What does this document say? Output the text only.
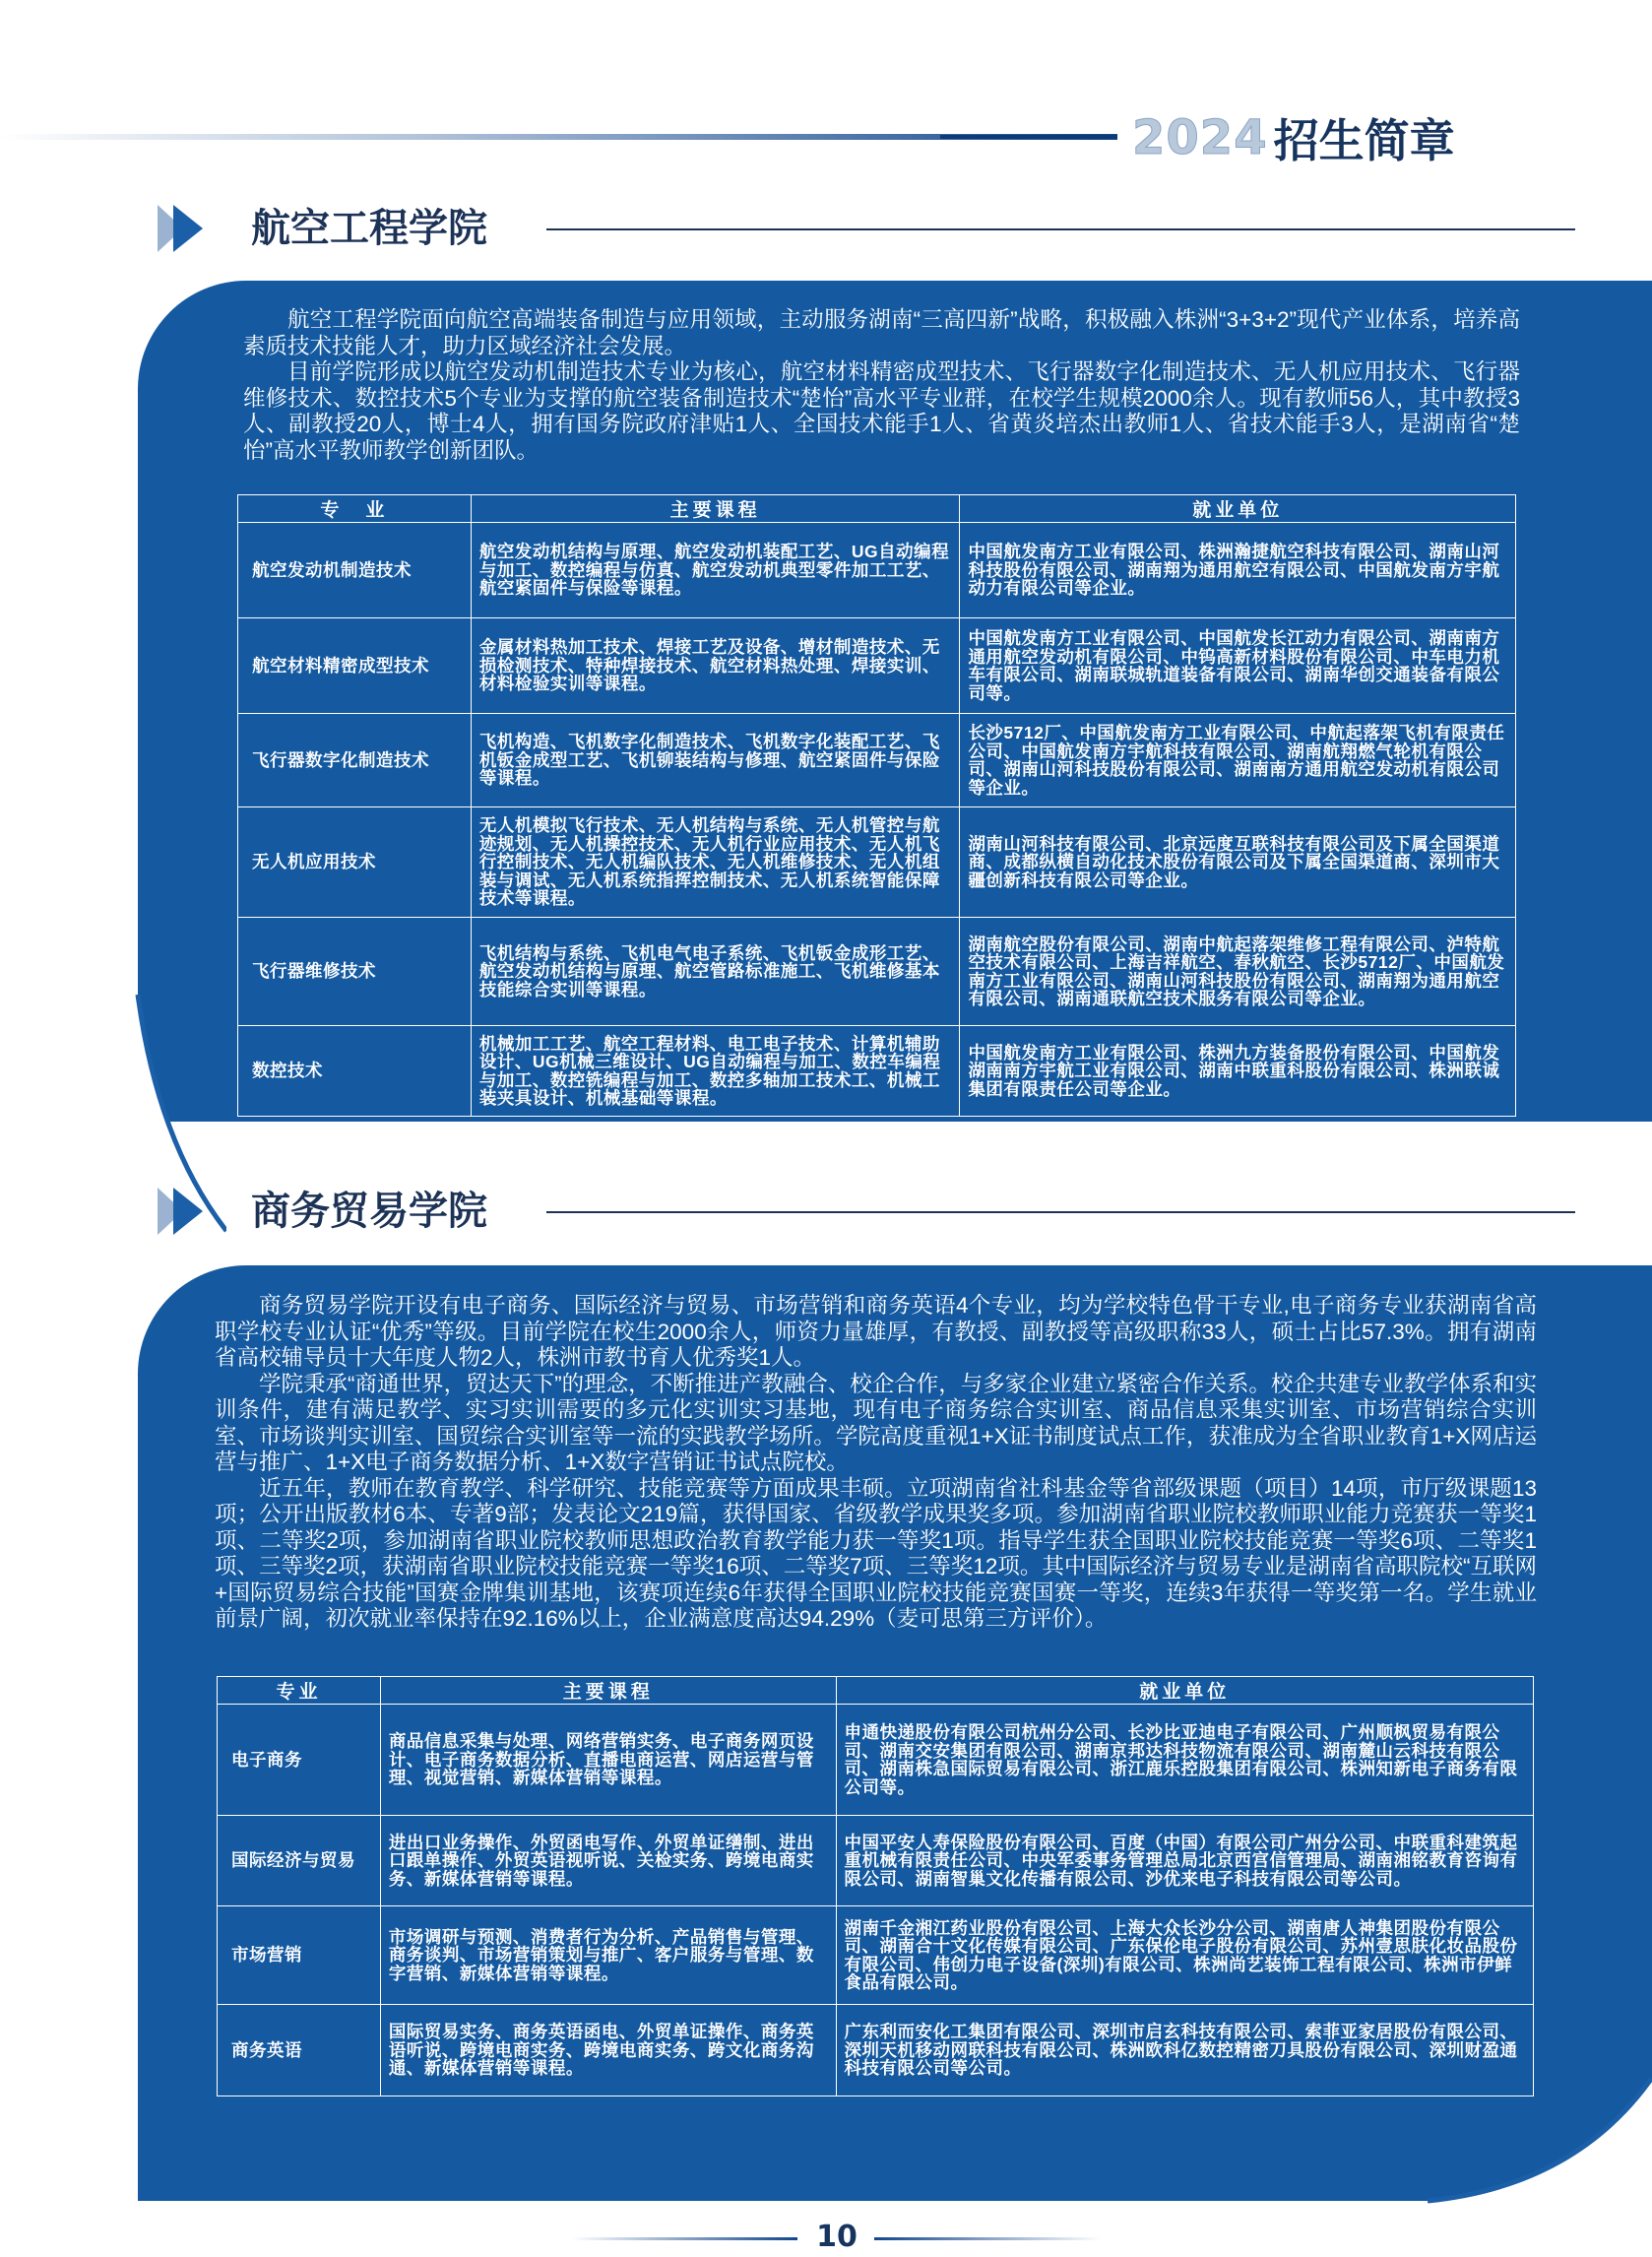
2024 招生简章
航空工程学院

航空工程学院面向航空高端装备制造与应用领域，主动服务湖南“三高四新”战略，积极融入株洲“3+3+2”现代产业体系，培养高素质技术技能人才，助力区域经济社会发展。

目前学院形成以航空发动机制造技术专业为核心，航空材料精密成型技术、飞行器数字化制造技术、无人机应用技术、飞行器维修技术、数控技术5个专业为支撑的航空装备制造技术“楚怡”高水平专业群，在校学生规模2000余人。现有教师56人，其中教授3人、副教授20人，博士4人，拥有国务院政府津贴1人、全国技术能手1人、省黄炎培杰出教师1人、省技术能手3人，是湖南省“楚怡”高水平教师教学创新团队。

专　业	主要课程	就业单位
航空发动机制造技术	航空发动机结构与原理、航空发动机装配工艺、UG自动编程与加工、数控编程与仿真、航空发动机典型零件加工工艺、航空紧固件与保险等课程。	中国航发南方工业有限公司、株洲瀚捷航空科技有限公司、湖南山河科技股份有限公司、湖南翔为通用航空有限公司、中国航发南方宇航动力有限公司等企业。
航空材料精密成型技术	金属材料热加工技术、焊接工艺及设备、增材制造技术、无损检测技术、特种焊接技术、航空材料热处理、焊接实训、材料检验实训等课程。	中国航发南方工业有限公司、中国航发长江动力有限公司、湖南南方通用航空发动机有限公司、中钨高新材料股份有限公司、中车电力机车有限公司、湖南联城轨道装备有限公司、湖南华创交通装备有限公司等。
飞行器数字化制造技术	飞机构造、飞机数字化制造技术、飞机数字化装配工艺、飞机钣金成型工艺、飞机铆装结构与修理、航空紧固件与保险等课程。	长沙5712厂、中国航发南方工业有限公司、中航起落架飞机有限责任公司、中国航发南方宇航科技有限公司、湖南航翔燃气轮机有限公司、湖南山河科技股份有限公司、湖南南方通用航空发动机有限公司等企业。
无人机应用技术	无人机模拟飞行技术、无人机结构与系统、无人机管控与航迹规划、无人机操控技术、无人机行业应用技术、无人机飞行控制技术、无人机编队技术、无人机维修技术、无人机组装与调试、无人机系统指挥控制技术、无人机系统智能保障技术等课程。	湖南山河科技有限公司、北京远度互联科技有限公司及下属全国渠道商、成都纵横自动化技术股份有限公司及下属全国渠道商、深圳市大疆创新科技有限公司等企业。
飞行器维修技术	飞机结构与系统、飞机电气电子系统、飞机钣金成形工艺、航空发动机结构与原理、航空管路标准施工、飞机维修基本技能综合实训等课程。	湖南航空股份有限公司、湖南中航起落架维修工程有限公司、泸特航空技术有限公司、上海吉祥航空、春秋航空、长沙5712厂、中国航发南方工业有限公司、湖南山河科技股份有限公司、湖南翔为通用航空有限公司、湖南通联航空技术服务有限公司等企业。
数控技术	机械加工工艺、航空工程材料、电工电子技术、计算机辅助设计、UG机械三维设计、UG自动编程与加工、数控车编程与加工、数控铣编程与加工、数控多轴加工技术工、机械工装夹具设计、机械基础等课程。	中国航发南方工业有限公司、株洲九方装备股份有限公司、中国航发湖南南方宇航工业有限公司、湖南中联重科股份有限公司、株洲联诚集团有限责任公司等企业。
商务贸易学院

商务贸易学院开设有电子商务、国际经济与贸易、市场营销和商务英语4个专业，均为学校特色骨干专业,电子商务专业获湖南省高职学校专业认证“优秀”等级。目前学院在校生2000余人，师资力量雄厚，有教授、副教授等高级职称33人，硕士占比57.3%。拥有湖南省高校辅导员十大年度人物2人，株洲市教书育人优秀奖1人。

学院秉承“商通世界，贸达天下”的理念，不断推进产教融合、校企合作，与多家企业建立紧密合作关系。校企共建专业教学体系和实训条件，建有满足教学、实习实训需要的多元化实训实习基地，现有电子商务综合实训室、商品信息采集实训室、市场营销综合实训室、市场谈判实训室、国贸综合实训室等一流的实践教学场所。学院高度重视1+X证书制度试点工作，获准成为全省职业教育1+X网店运营与推广、1+X电子商务数据分析、1+X数字营销证书试点院校。

近五年，教师在教育教学、科学研究、技能竞赛等方面成果丰硕。立项湖南省社科基金等省部级课题（项目）14项，市厅级课题13项；公开出版教材6本、专著9部；发表论文219篇，获得国家、省级教学成果奖多项。参加湖南省职业院校教师职业能力竞赛获一等奖1项、二等奖2项，参加湖南省职业院校教师思想政治教育教学能力获一等奖1项。指导学生获全国职业院校技能竞赛一等奖6项、二等奖1项、三等奖2项，获湖南省职业院校技能竞赛一等奖16项、二等奖7项、三等奖12项。其中国际经济与贸易专业是湖南省高职院校“互联网+国际贸易综合技能”国赛金牌集训基地，该赛项连续6年获得全国职业院校技能竞赛国赛一等奖，连续3年获得一等奖第一名。学生就业前景广阔，初次就业率保持在92.16%以上，企业满意度高达94.29%（麦可思第三方评价）。

专业	主要课程	就业单位
电子商务	商品信息采集与处理、网络营销实务、电子商务网页设计、电子商务数据分析、直播电商运营、网店运营与管理、视觉营销、新媒体营销等课程。	申通快递股份有限公司杭州分公司、长沙比亚迪电子有限公司、广州顺枫贸易有限公司、湖南交安集团有限公司、湖南京邦达科技物流有限公司、湖南麓山云科技有限公司、湖南株急国际贸易有限公司、浙江鹿乐控股集团有限公司、株洲知新电子商务有限公司等。
国际经济与贸易	进出口业务操作、外贸函电写作、外贸单证缮制、进出口跟单操作、外贸英语视听说、关检实务、跨境电商实务、新媒体营销等课程。	中国平安人寿保险股份有限公司、百度（中国）有限公司广州分公司、中联重科建筑起重机械有限责任公司、中央军委事务管理总局北京西宫信管理局、湖南湘铭教育咨询有限公司、湖南智巢文化传播有限公司、沙优来电子科技有限公司等公司。
市场营销	市场调研与预测、消费者行为分析、产品销售与管理、商务谈判、市场营销策划与推广、客户服务与管理、数字营销、新媒体营销等课程。	湖南千金湘江药业股份有限公司、上海大众长沙分公司、湖南唐人神集团股份有限公司、湖南合十文化传媒有限公司、广东保伦电子股份有限公司、苏州壹思肤化妆品股份有限公司、伟创力电子设备(深圳)有限公司、株洲尚艺装饰工程有限公司、株洲市伊鲜食品有限公司。
商务英语	国际贸易实务、商务英语函电、外贸单证操作、商务英语听说、跨境电商实务、跨境电商实务、跨文化商务沟通、新媒体营销等课程。	广东利而安化工集团有限公司、深圳市启玄科技有限公司、索菲亚家居股份有限公司、深圳天机移动网联科技有限公司、株洲欧科亿数控精密刀具股份有限公司、深圳财盈通科技有限公司等公司。
10
